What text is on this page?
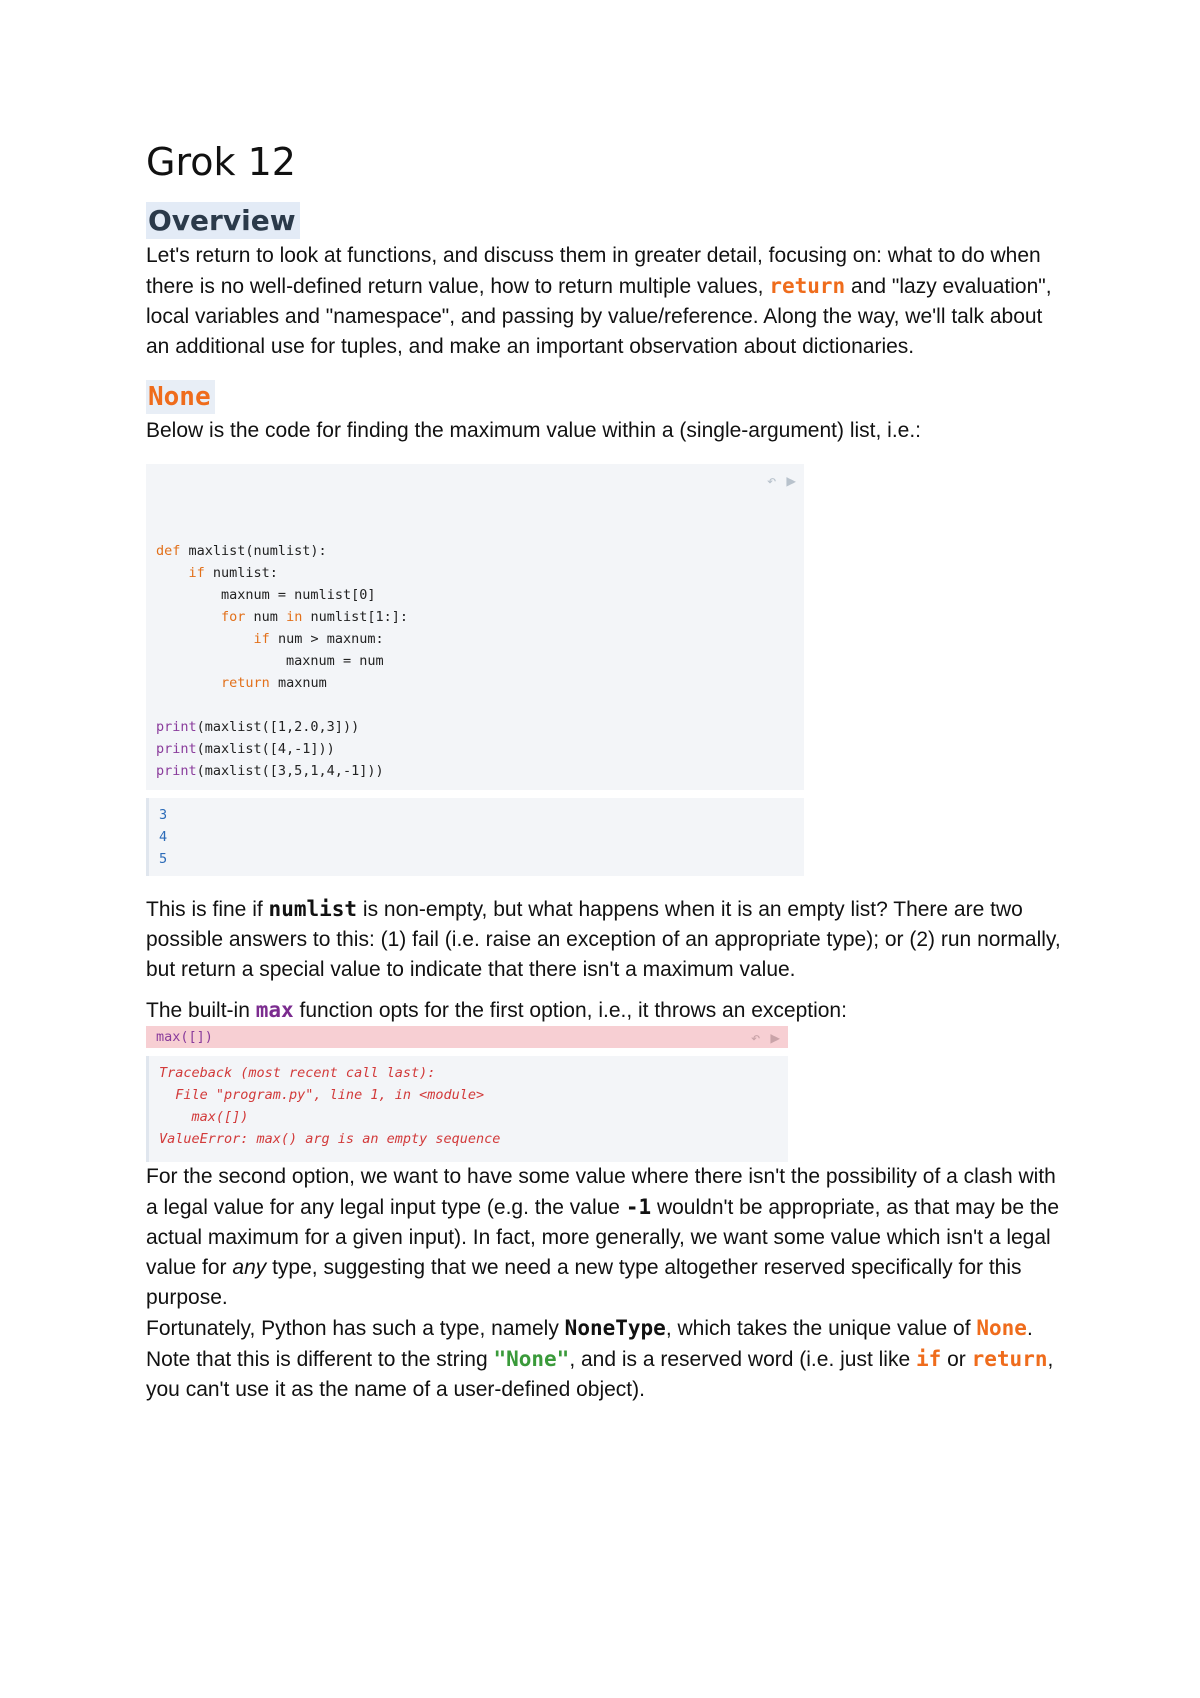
Grok 12
Overview

Let's return to look at functions, and discuss them in greater detail, focusing on: what to do when there is no well-defined return value, how to return multiple values, return and "lazy evaluation", local variables and "namespace", and passing by value/reference. Along the way, we'll talk about an additional use for tuples, and make an important observation about dictionaries.

None

Below is the code for finding the maximum value within a (single-argument) list, i.e.:

↶ ▶

def maxlist(numlist):
if numlist:
maxnum = numlist[0]
for num in numlist[1:]:
if num > maxnum:
maxnum = num
return maxnum

print(maxlist([1,2.0,3]))
print(maxlist([4,-1]))
print(maxlist([3,5,1,4,-1]))
3
4
5

This is fine if numlist is non-empty, but what happens when it is an empty list? There are two possible answers to this: (1) fail (i.e. raise an exception of an appropriate type); or (2) run normally, but return a special value to indicate that there isn't a maximum value.

The built-in max function opts for the first option, i.e., it throws an exception:

max([])	↶ ▶
Traceback (most recent call last):
File "program.py", line 1, in <module>
max([])
ValueError: max() arg is an empty sequence

For the second option, we want to have some value where there isn't the possibility of a clash with a legal value for any legal input type (e.g. the value -1 wouldn't be appropriate, as that may be the actual maximum for a given input). In fact, more generally, we want some value which isn't a legal value for any type, suggesting that we need a new type altogether reserved specifically for this purpose.

Fortunately, Python has such a type, namely NoneType, which takes the unique value of None. Note that this is different to the string "None", and is a reserved word (i.e. just like if or return, you can't use it as the name of a user-defined object).
